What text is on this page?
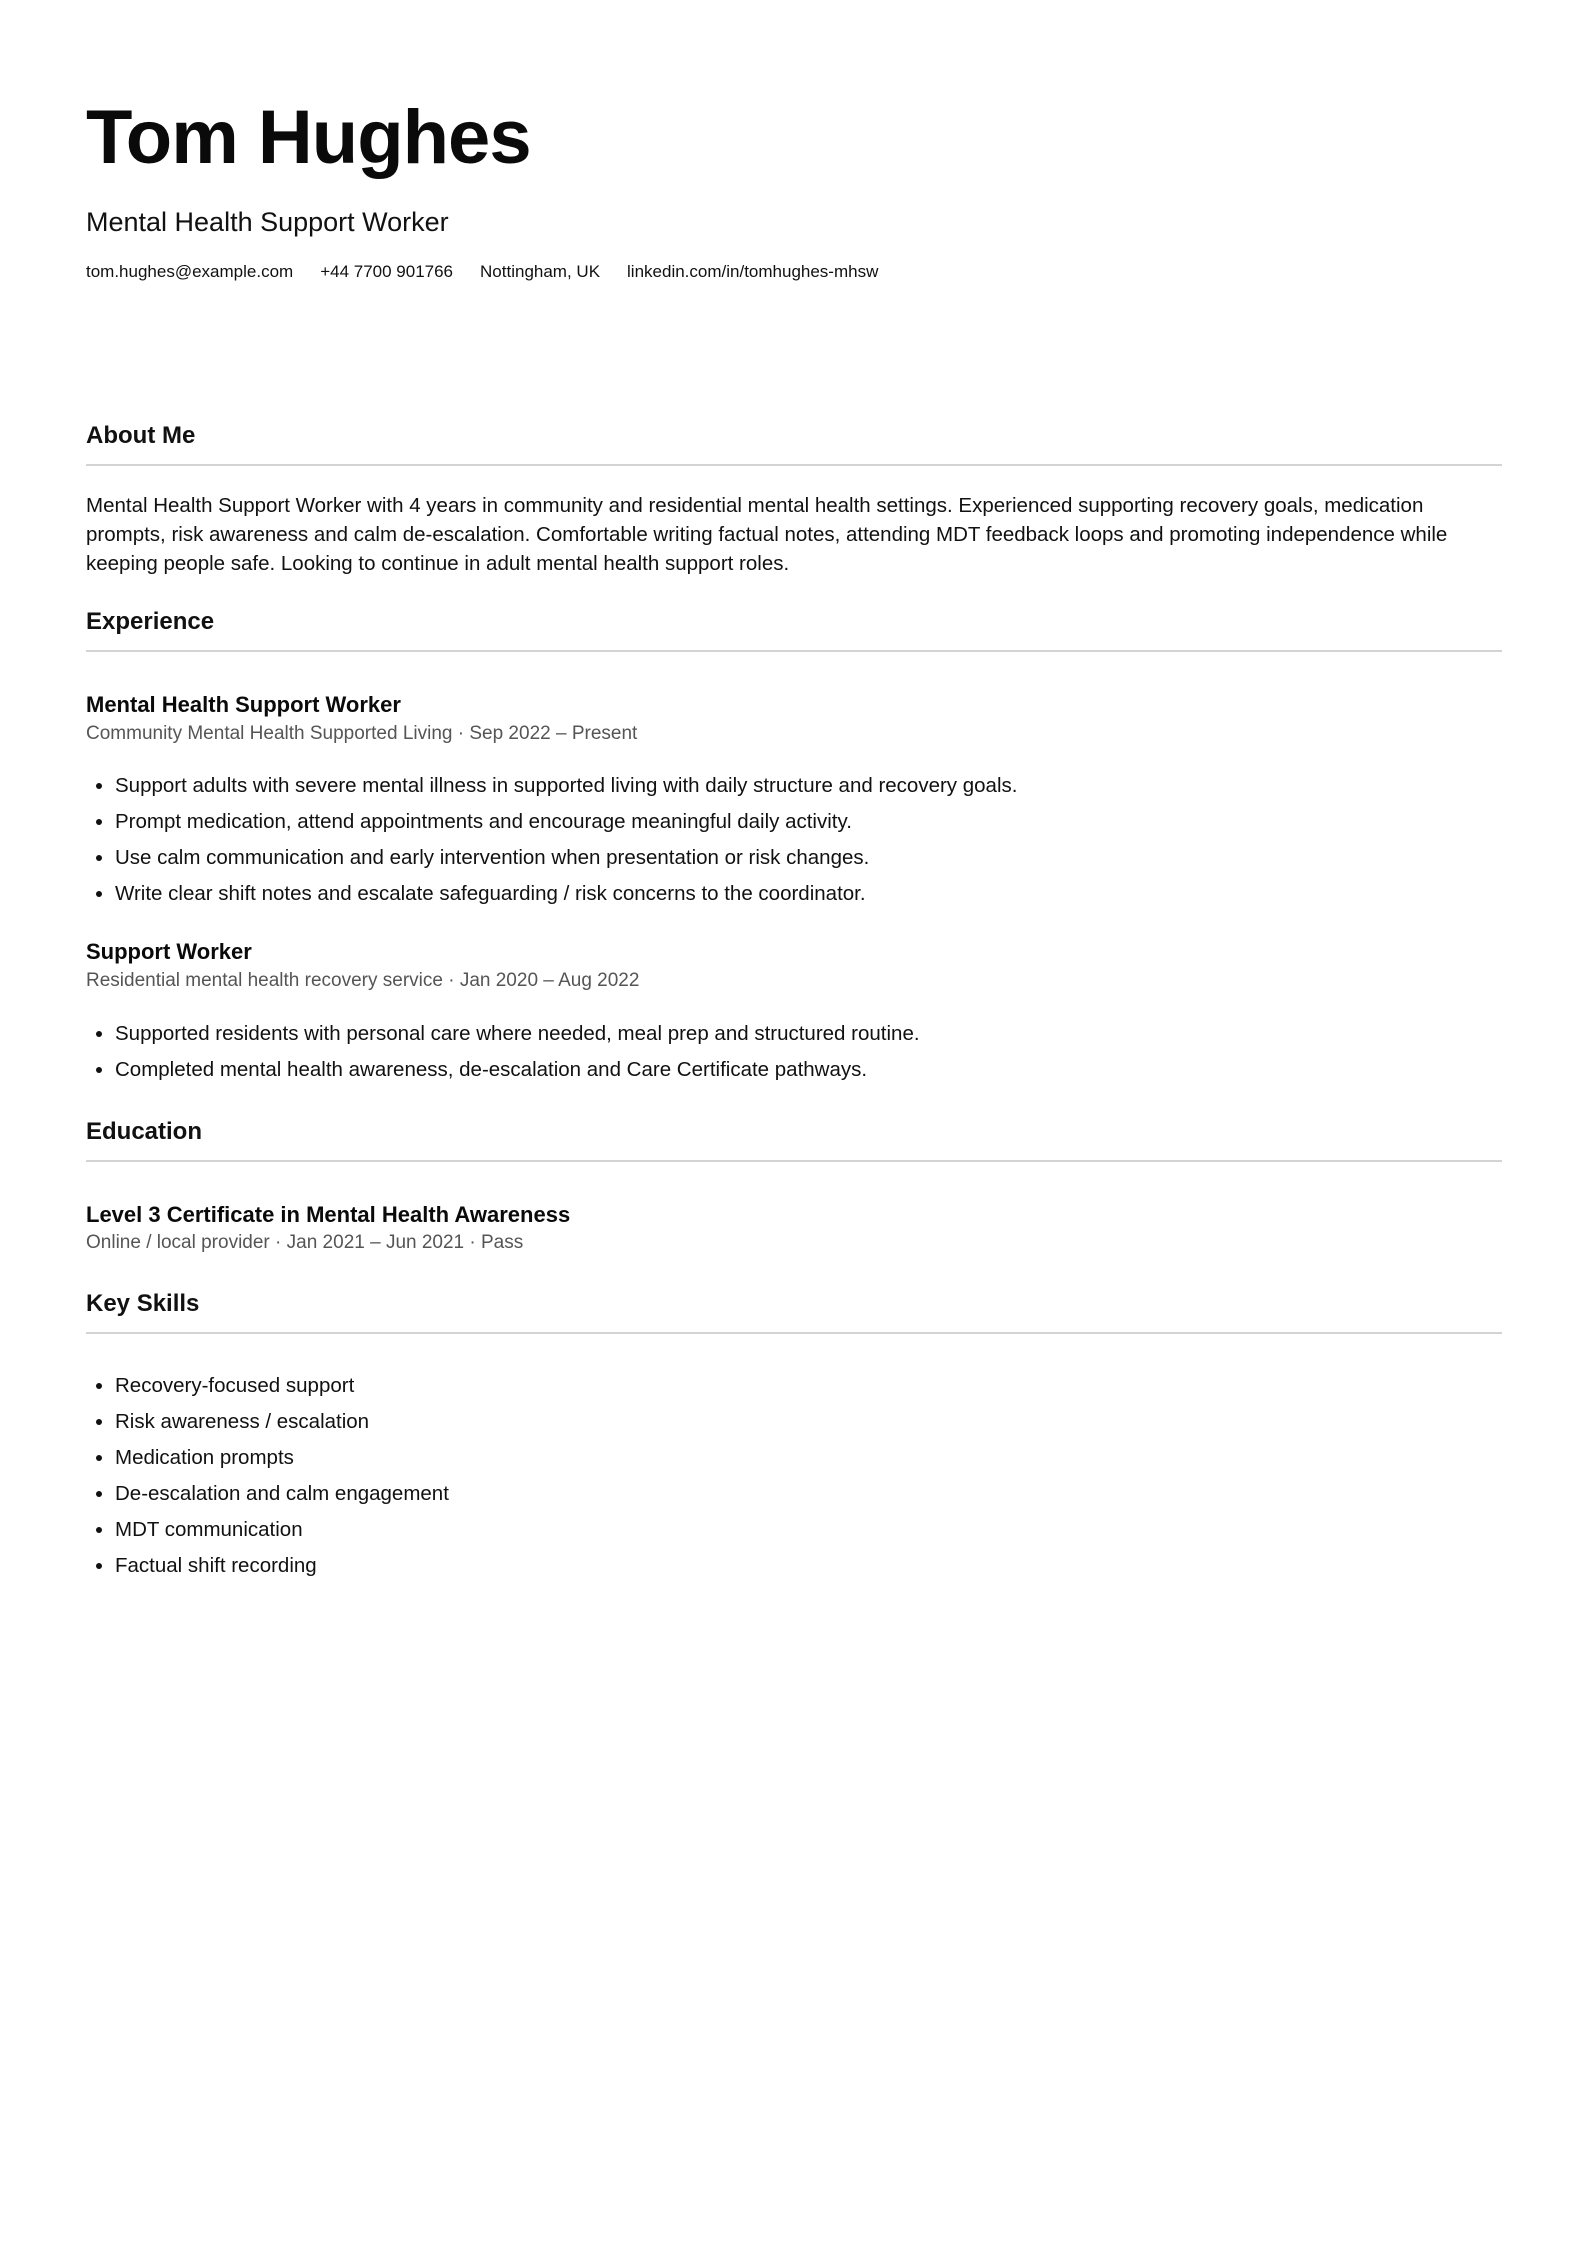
Tom Hughes
Mental Health Support Worker
tom.hughes@example.com +44 7700 901766 Nottingham, UK linkedin.com/in/tomhughes-mhsw
About Me

Mental Health Support Worker with 4 years in community and residential mental health settings. Experienced supporting recovery goals, medication prompts, risk awareness and calm de-escalation. Comfortable writing factual notes, attending MDT feedback loops and promoting independence while keeping people safe. Looking to continue in adult mental health support roles.

Experience
Mental Health Support Worker
Community Mental Health Supported Living · Sep 2022 – Present
• Support adults with severe mental illness in supported living with daily structure and recovery goals.
• Prompt medication, attend appointments and encourage meaningful daily activity.
• Use calm communication and early intervention when presentation or risk changes.
• Write clear shift notes and escalate safeguarding / risk concerns to the coordinator.
Support Worker
Residential mental health recovery service · Jan 2020 – Aug 2022
• Supported residents with personal care where needed, meal prep and structured routine.
• Completed mental health awareness, de-escalation and Care Certificate pathways.
Education
Level 3 Certificate in Mental Health Awareness
Online / local provider · Jan 2021 – Jun 2021 · Pass
Key Skills
• Recovery-focused support
• Risk awareness / escalation
• Medication prompts
• De-escalation and calm engagement
• MDT communication
• Factual shift recording
